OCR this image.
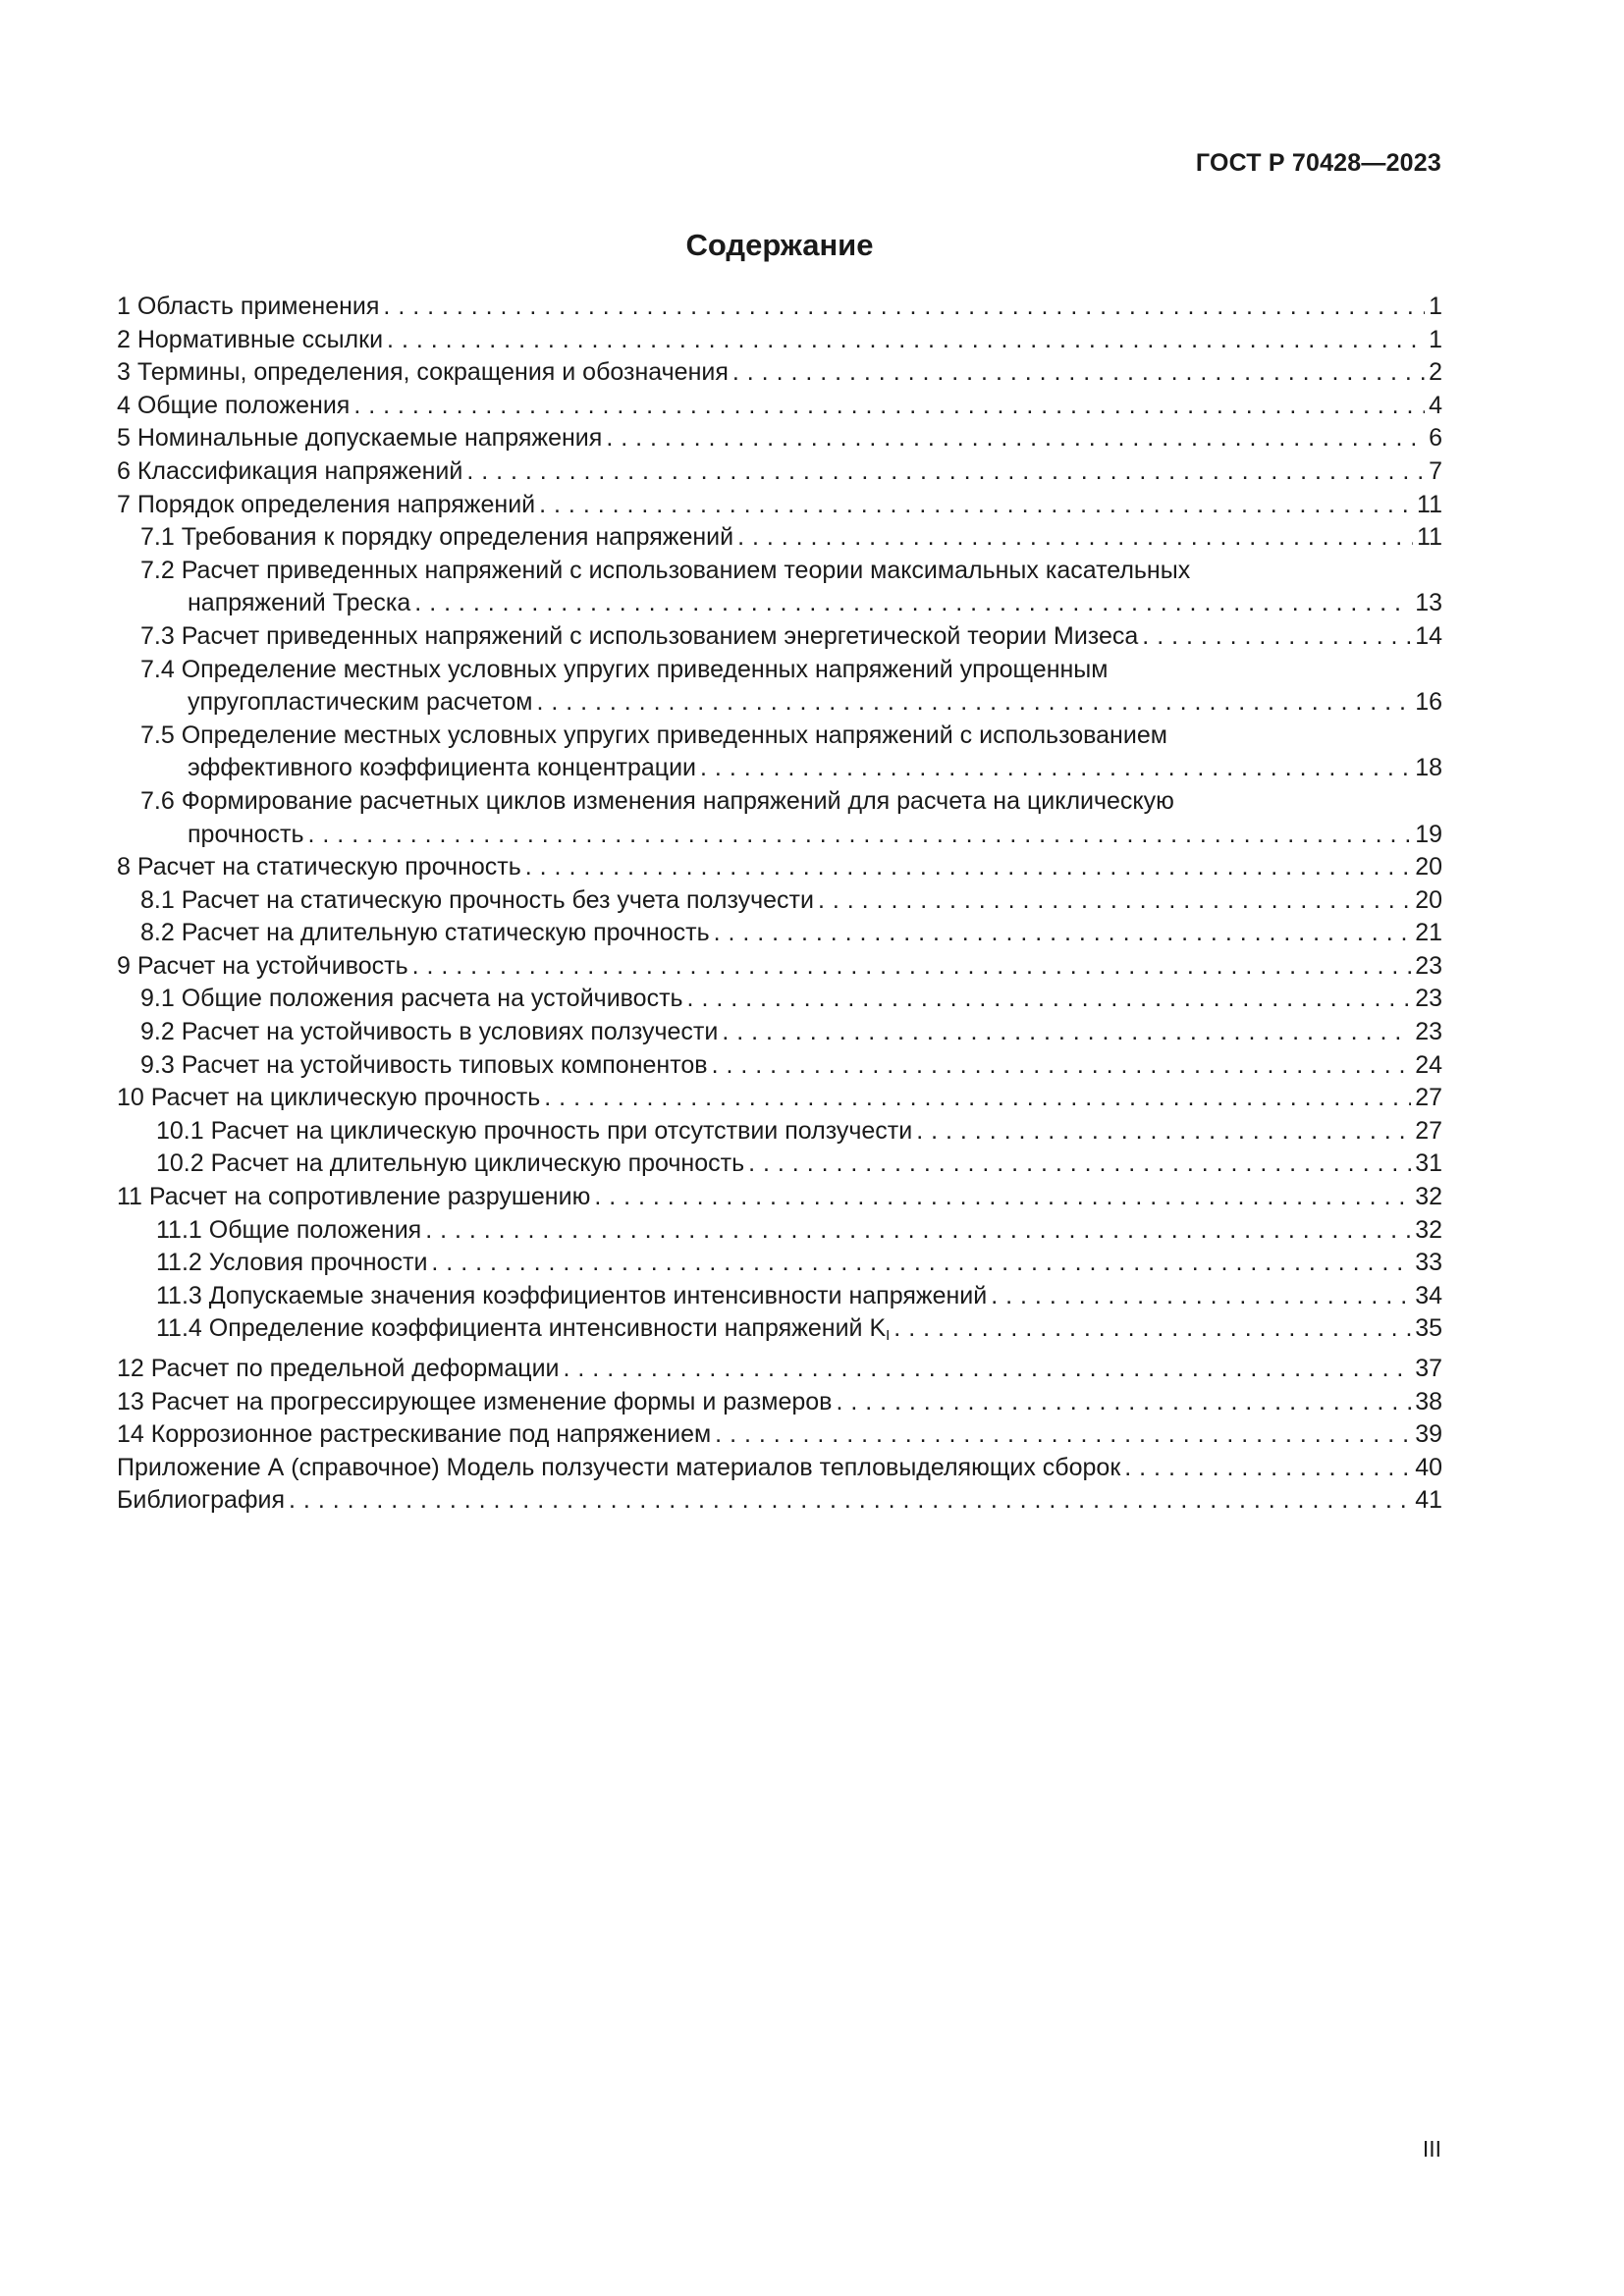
ГОСТ Р 70428—2023
Содержание
1 Область применения . . .	1
2 Нормативные ссылки . . .	1
3 Термины, определения, сокращения и обозначения . . .	2
4 Общие положения . . .	4
5 Номинальные допускаемые напряжения . . .	6
6 Классификация напряжений . . .	7
7 Порядок определения напряжений . . .	11
7.1 Требования к порядку определения напряжений . . .	11
7.2 Расчет приведенных напряжений с использованием теории максимальных касательных
напряжений Треска . . .	13
7.3 Расчет приведенных напряжений с использованием энергетической теории Мизеса . . .	14
7.4 Определение местных условных упругих приведенных напряжений упрощенным
упругопластическим расчетом . . .	16
7.5 Определение местных условных упругих приведенных напряжений с использованием
эффективного коэффициента концентрации . . .	18
7.6 Формирование расчетных циклов изменения напряжений для расчета на циклическую
прочность . . .	19
8 Расчет на статическую прочность . . .	20
8.1 Расчет на статическую прочность без учета ползучести . . .	20
8.2 Расчет на длительную статическую прочность . . .	21
9 Расчет на устойчивость . . .	23
9.1 Общие положения расчета на устойчивость . . .	23
9.2 Расчет на устойчивость в условиях ползучести . . .	23
9.3 Расчет на устойчивость типовых компонентов . . .	24
10 Расчет на циклическую прочность . . .	27
10.1 Расчет на циклическую прочность при отсутствии ползучести . . .	27
10.2 Расчет на длительную циклическую прочность . . .	31
11 Расчет на сопротивление разрушению . . .	32
11.1 Общие положения . . .	32
11.2 Условия прочности . . .	33
11.3 Допускаемые значения коэффициентов интенсивности напряжений . . .	34
11.4 Определение коэффициента интенсивности напряжений $K_I$ . . .	35
12 Расчет по предельной деформации . . .	37
13 Расчет на прогрессирующее изменение формы и размеров . . .	38
14 Коррозионное растрескивание под напряжением . . .	39
Приложение А (справочное) Модель ползучести материалов тепловыделяющих сборок . . .	40
Библиография . . .	41
III
